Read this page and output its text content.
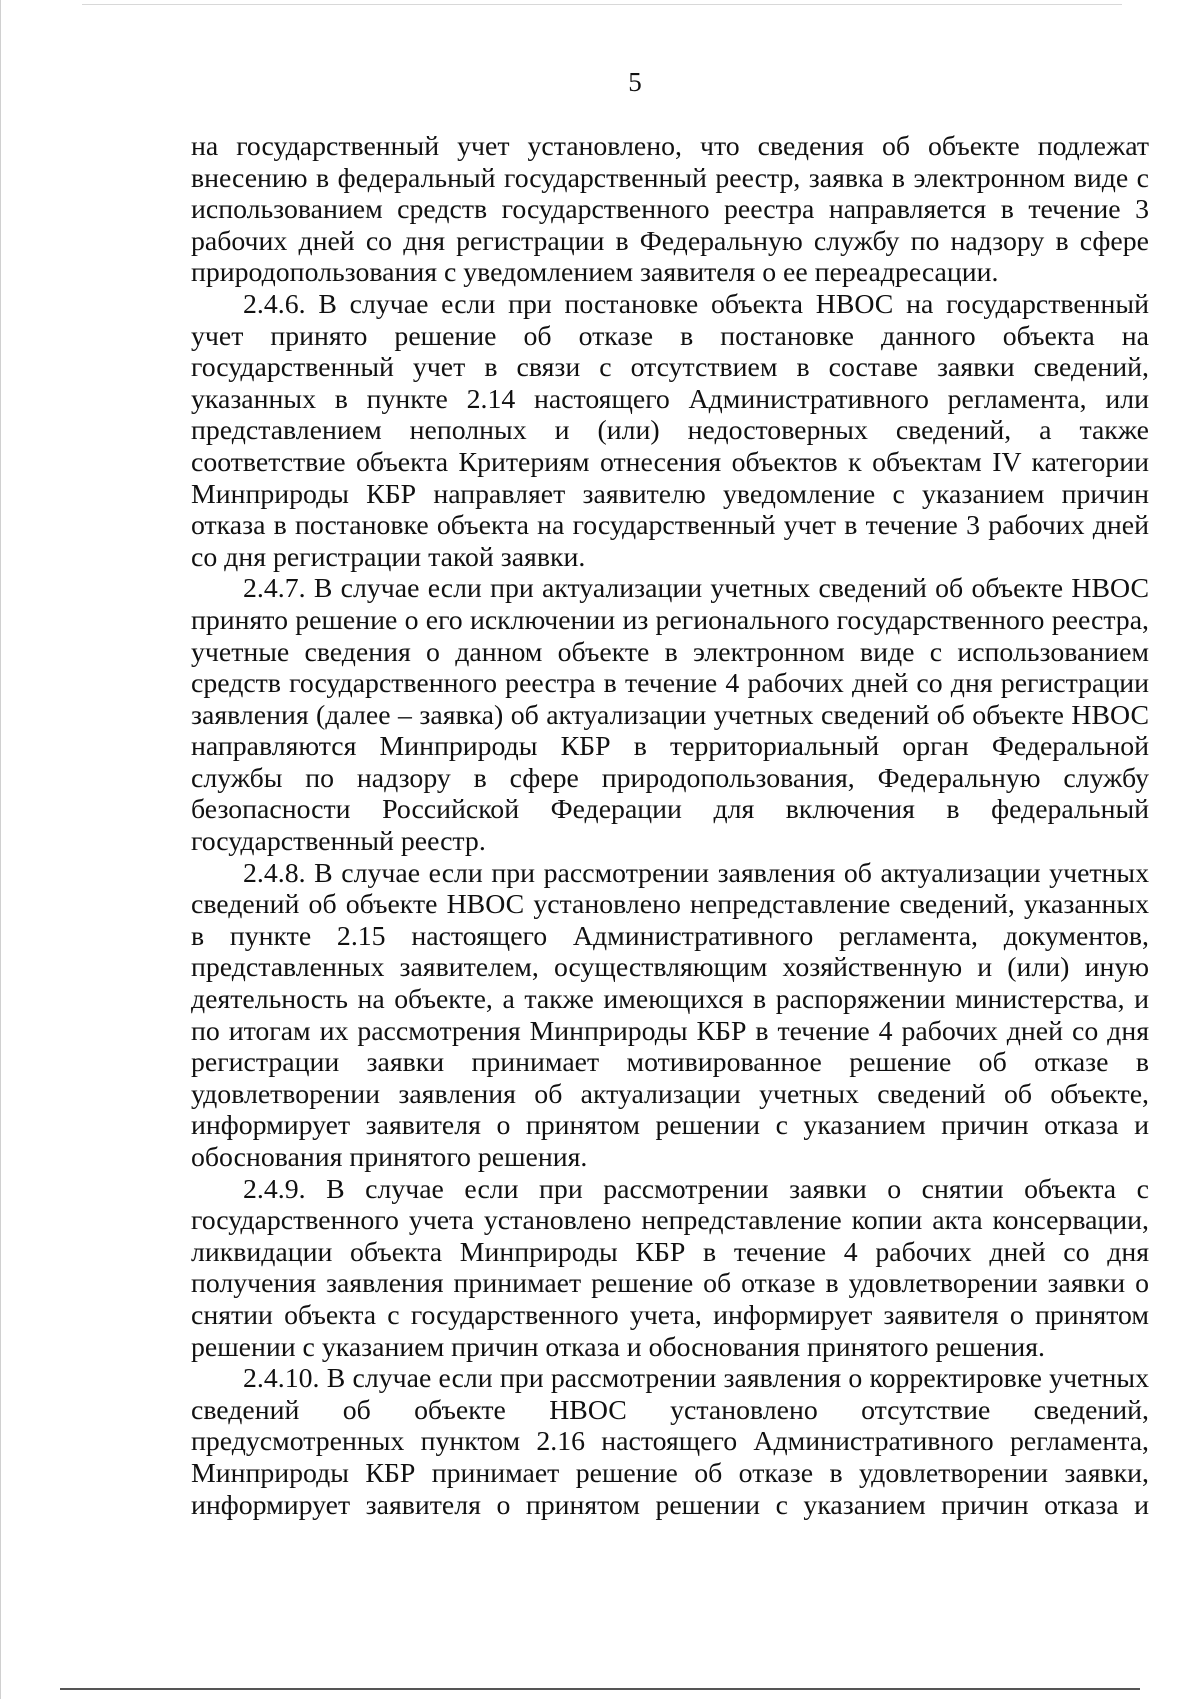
5

на государственный учет установлено, что сведения об объекте подлежат внесению в федеральный государственный реестр, заявка в электронном виде с использованием средств государственного реестра направляется в течение 3 рабочих дней со дня регистрации в Федеральную службу по надзору в сфере природопользования с уведомлением заявителя о ее переадресации.

2.4.6. В случае если при постановке объекта НВОС на государственный учет принято решение об отказе в постановке данного объекта на государственный учет в связи с отсутствием в составе заявки сведений, указанных в пункте 2.14 настоящего Административного регламента, или представлением неполных и (или) недостоверных сведений, а также соответствие объекта Критериям отнесения объектов к объектам IV категории Минприроды КБР направляет заявителю уведомление с указанием причин отказа в постановке объекта на государственный учет в течение 3 рабочих дней со дня регистрации такой заявки.

2.4.7. В случае если при актуализации учетных сведений об объекте НВОС принято решение о его исключении из регионального государственного реестра, учетные сведения о данном объекте в электронном виде с использованием средств государственного реестра в течение 4 рабочих дней со дня регистрации заявления (далее – заявка) об актуализации учетных сведений об объекте НВОС направляются Минприроды КБР в территориальный орган Федеральной службы по надзору в сфере природопользования, Федеральную службу безопасности Российской Федерации для включения в федеральный государственный реестр.

2.4.8. В случае если при рассмотрении заявления об актуализации учетных сведений об объекте НВОС установлено непредставление сведений, указанных в пункте 2.15 настоящего Административного регламента, документов, представленных заявителем, осуществляющим хозяйственную и (или) иную деятельность на объекте, а также имеющихся в распоряжении министерства, и по итогам их рассмотрения Минприроды КБР в течение 4 рабочих дней со дня регистрации заявки принимает мотивированное решение об отказе в удовлетворении заявления об актуализации учетных сведений об объекте, информирует заявителя о принятом решении с указанием причин отказа и обоснования принятого решения.

2.4.9. В случае если при рассмотрении заявки о снятии объекта с государственного учета установлено непредставление копии акта консервации, ликвидации объекта Минприроды КБР в течение 4 рабочих дней со дня получения заявления принимает решение об отказе в удовлетворении заявки о снятии объекта с государственного учета, информирует заявителя о принятом решении с указанием причин отказа и обоснования принятого решения.

2.4.10. В случае если при рассмотрении заявления о корректировке учетных сведений об объекте НВОС установлено отсутствие сведений, предусмотренных пунктом 2.16 настоящего Административного регламента, Минприроды КБР принимает решение об отказе в удовлетворении заявки, информирует заявителя о принятом решении с указанием причин отказа и
